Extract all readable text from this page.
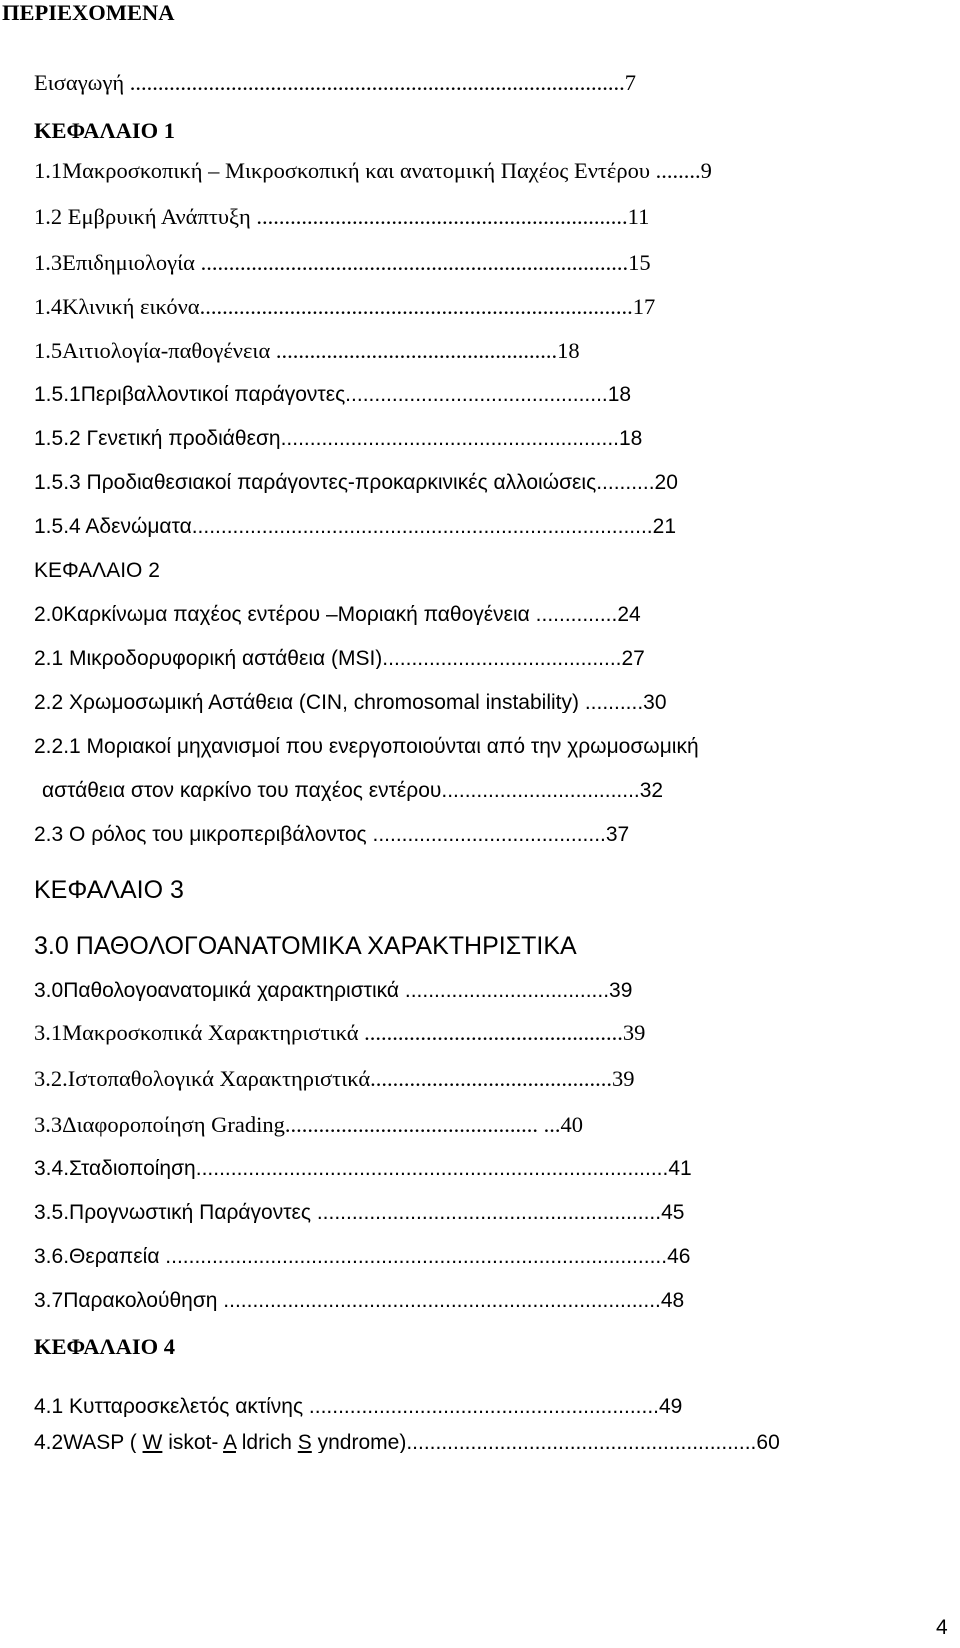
ΠΕΡΙΕΧΟΜΕΝΑ
Εισαγωγή ........................................................................................7
ΚΕΦΑΛΑΙΟ 1
1.1Μακροσκοπική – Μικροσκοπική και ανατομική Παχέος Εντέρου ........9
1.2 Εμβρυική Ανάπτυξη ..................................................................11
1.3Επιδημιολογία ............................................................................15
1.4Κλινική εικόνα.............................................................................17
1.5Αιτιολογία-παθογένεια ..................................................18
1.5.1Περιβαλλοντικοί παράγοντες.............................................18
1.5.2 Γενετική προδιάθεση..........................................................18
1.5.3 Προδιαθεσιακοί παράγοντες-προκαρκινικές αλλοιώσεις..........20
1.5.4 Αδενώματα...............................................................................21
ΚΕΦΑΛΑΙΟ 2
2.0Καρκίνωμα παχέος εντέρου –Μοριακή παθογένεια ..............24
2.1 Μικροδορυφορική αστάθεια (MSI).........................................27
2.2 Χρωμοσωμική Αστάθεια (CIN, chromosomal instability) ..........30
2.2.1 Μοριακοί μηχανισμοί που ενεργοποιούνται από την χρωμοσωμική
αστάθεια στον καρκίνο του παχέος εντέρου..................................32
2.3 Ο ρόλος του μικροπεριβάλοντος ........................................37
ΚΕΦΑΛΑΙΟ 3
3.0 ΠΑΘΟΛΟΓΟΑΝΑΤΟΜΙΚΑ ΧΑΡΑΚΤΗΡΙΣΤΙΚΑ
3.0Παθολογοανατομικά χαρακτηριστικά ...................................39
3.1Μακροσκοπικά Χαρακτηριστικά ..............................................39
3.2.Ιστοπαθολογικά Χαρακτηριστικά...........................................39
3.3Διαφοροποίηση Grading............................................. ...40
3.4.Σταδιοποίηση.................................................................................41
3.5.Προγνωστική Παράγοντες ...........................................................45
3.6.Θεραπεία ......................................................................................46
3.7Παρακολούθηση ...........................................................................48
ΚΕΦΑΛΑΙΟ 4
4.1 Κυτταροσκελετός ακτίνης ............................................................49
4.2WASP ( W iskot- A ldrich S yndrome)............................................................60
4
